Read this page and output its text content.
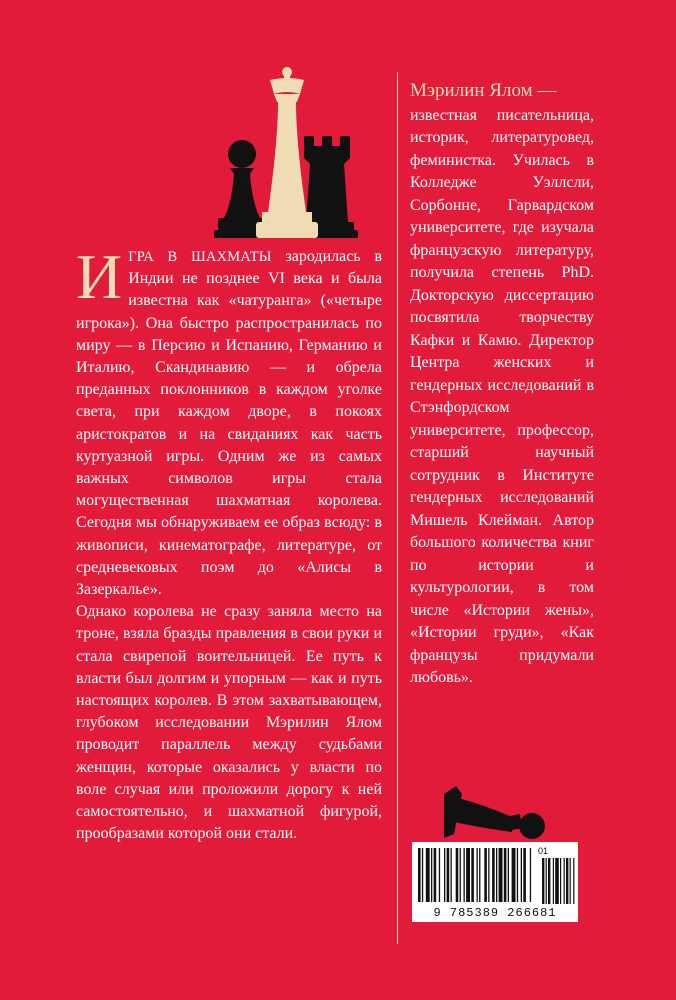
ИГРА В ШАХМАТЫ зародилась в Индии не позднее VI века и была известна как «чатуранга» («четыре игрока»). Она быстро распространилась по миру — в Персию и Испанию, Германию и Италию, Скандинавию — и обрела преданных поклонников в каждом уголке света, при каждом дворе, в покоях аристократов и на свиданиях как часть куртуазной игры. Одним же из самых важных символов игры стала могущественная шахматная королева. Сегодня мы обнаруживаем ее образ всюду: в живописи, кинематографе, литературе, от средневековых поэм до «Алисы в Зазеркалье».

Однако королева не сразу заняла место на троне, взяла бразды правления в свои руки и стала свирепой воительницей. Ее путь к власти был долгим и упорным — как и путь настоящих королев. В этом захватывающем, глубоком исследовании Мэрилин Ялом проводит параллель между судьбами женщин, которые оказались у власти по воле случая или проложили дорогу к ней самостоятельно, и шахматной фигурой, прообразами которой они стали.

Мэрилин Ялом —

известная писательница, историк, литературовед, феминистка. Училась в Колледже Уэллсли, Сорбонне, Гарвардском университете, где изучала французскую литературу, получила степень PhD. Докторскую диссертацию посвятила творчеству Кафки и Камю. Директор Центра женских и гендерных исследований в Стэнфордском университете, профессор, старший научный сотрудник в Институте гендерных исследований Мишель Клейман. Автор большого количества книг по истории и культурологии, в том числе «Истории жены», «Истории груди», «Как французы придумали любовь».

01
9 785389 266681
